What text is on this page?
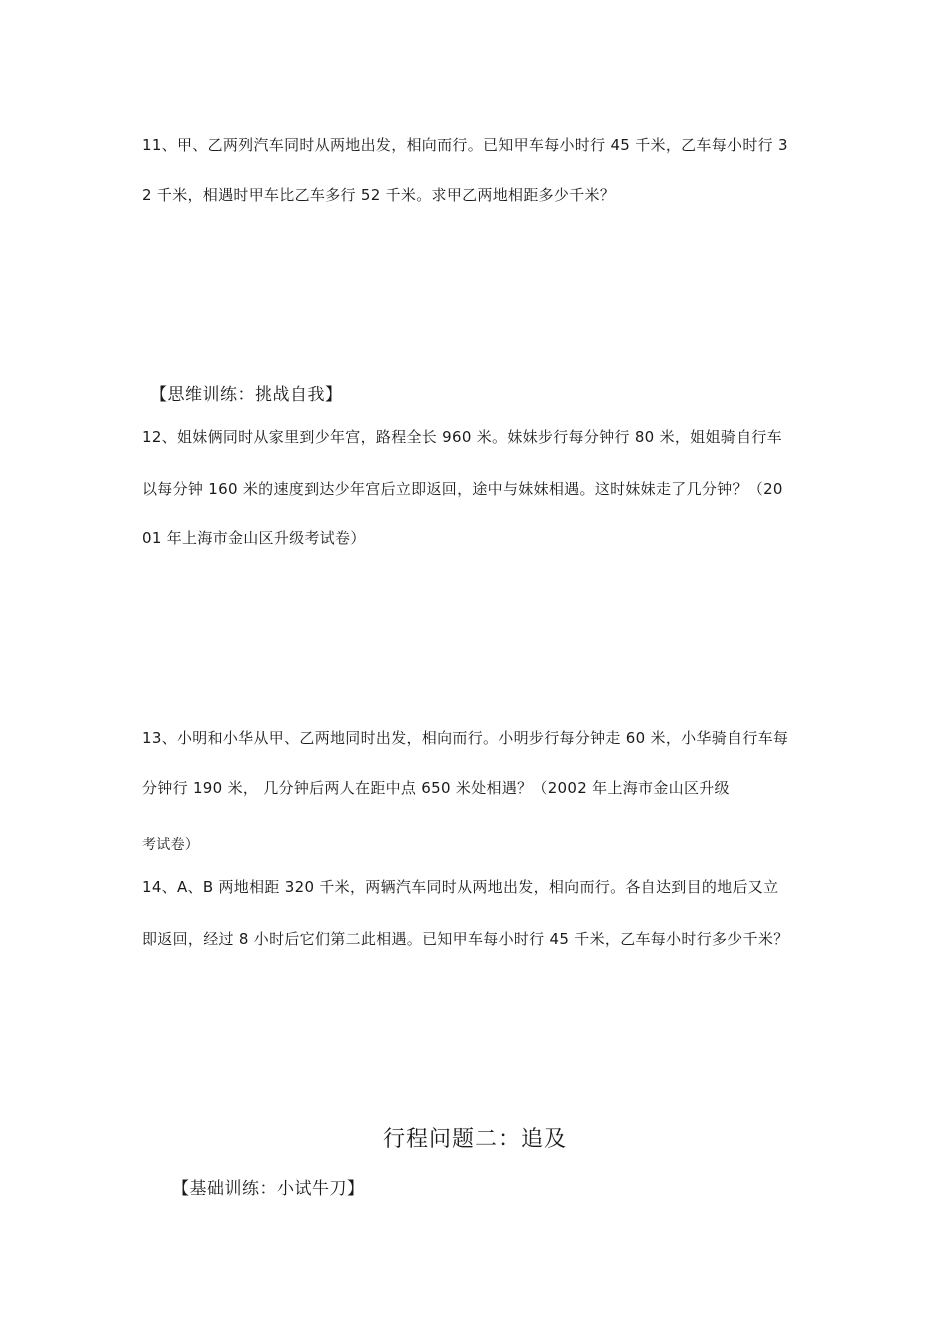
11、甲、乙两列汽车同时从两地出发，相向而行。已知甲车每小时行 45 千米，乙车每小时行 3
2 千米，相遇时甲车比乙车多行 52 千米。求甲乙两地相距多少千米？
【思维训练：挑战自我】
12、姐妹俩同时从家里到少年宫，路程全长 960 米。妹妹步行每分钟行 80 米，姐姐骑自行车
以每分钟 160 米的速度到达少年宫后立即返回，途中与妹妹相遇。这时妹妹走了几分钟？（20
01 年上海市金山区升级考试卷）
13、小明和小华从甲、乙两地同时出发，相向而行。小明步行每分钟走 60 米，小华骑自行车每
分钟行 190 米， 几分钟后两人在距中点 650 米处相遇？（2002 年上海市金山区升级
考试卷）
14、A、B 两地相距 320 千米，两辆汽车同时从两地出发，相向而行。各自达到目的地后又立
即返回，经过 8 小时后它们第二此相遇。已知甲车每小时行 45 千米，乙车每小时行多少千米？
行程问题二：追及
【基础训练：小试牛刀】
